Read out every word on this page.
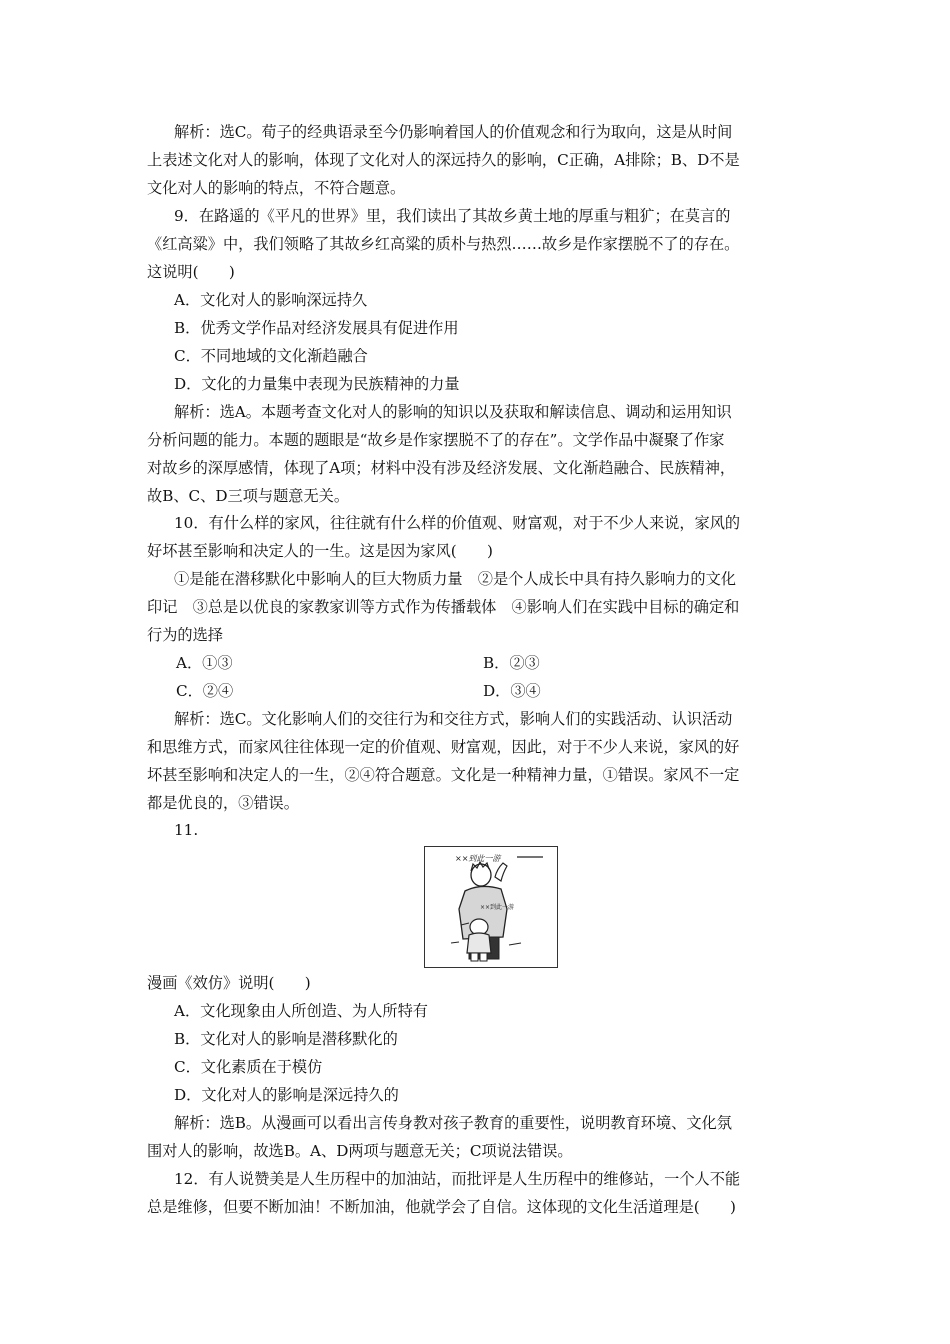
解析：选C。荀子的经典语录至今仍影响着国人的价值观念和行为取向，这是从时间
上表述文化对人的影响，体现了文化对人的深远持久的影响，C正确，A排除；B、D不是
文化对人的影响的特点，不符合题意。
9．在路遥的《平凡的世界》里，我们读出了其故乡黄土地的厚重与粗犷；在莫言的
《红高粱》中，我们领略了其故乡红高粱的质朴与热烈……故乡是作家摆脱不了的存在。
这说明(　　)
A．文化对人的影响深远持久
B．优秀文学作品对经济发展具有促进作用
C．不同地域的文化渐趋融合
D．文化的力量集中表现为民族精神的力量
解析：选A。本题考查文化对人的影响的知识以及获取和解读信息、调动和运用知识
分析问题的能力。本题的题眼是“故乡是作家摆脱不了的存在”。文学作品中凝聚了作家
对故乡的深厚感情，体现了A项；材料中没有涉及经济发展、文化渐趋融合、民族精神，
故B、C、D三项与题意无关。
10．有什么样的家风，往往就有什么样的价值观、财富观，对于不少人来说，家风的
好坏甚至影响和决定人的一生。这是因为家风(　　)
①是能在潜移默化中影响人的巨大物质力量　②是个人成长中具有持久影响力的文化
印记　③总是以优良的家教家训等方式作为传播载体　④影响人们在实践中目标的确定和
行为的选择
A．①③	B．②③
C．②④	D．③④
解析：选C。文化影响人们的交往行为和交往方式，影响人们的实践活动、认识活动
和思维方式，而家风往往体现一定的价值观、财富观，因此，对于不少人来说，家风的好
坏甚至影响和决定人的一生，②④符合题意。文化是一种精神力量，①错误。家风不一定
都是优良的，③错误。
11.
××到此一游
××到此一游
漫画《效仿》说明(　　)
A．文化现象由人所创造、为人所特有
B．文化对人的影响是潜移默化的
C．文化素质在于模仿
D．文化对人的影响是深远持久的
解析：选B。从漫画可以看出言传身教对孩子教育的重要性，说明教育环境、文化氛
围对人的影响，故选B。A、D两项与题意无关；C项说法错误。
12．有人说赞美是人生历程中的加油站，而批评是人生历程中的维修站，一个人不能
总是维修，但要不断加油！不断加油，他就学会了自信。这体现的文化生活道理是(　　)
